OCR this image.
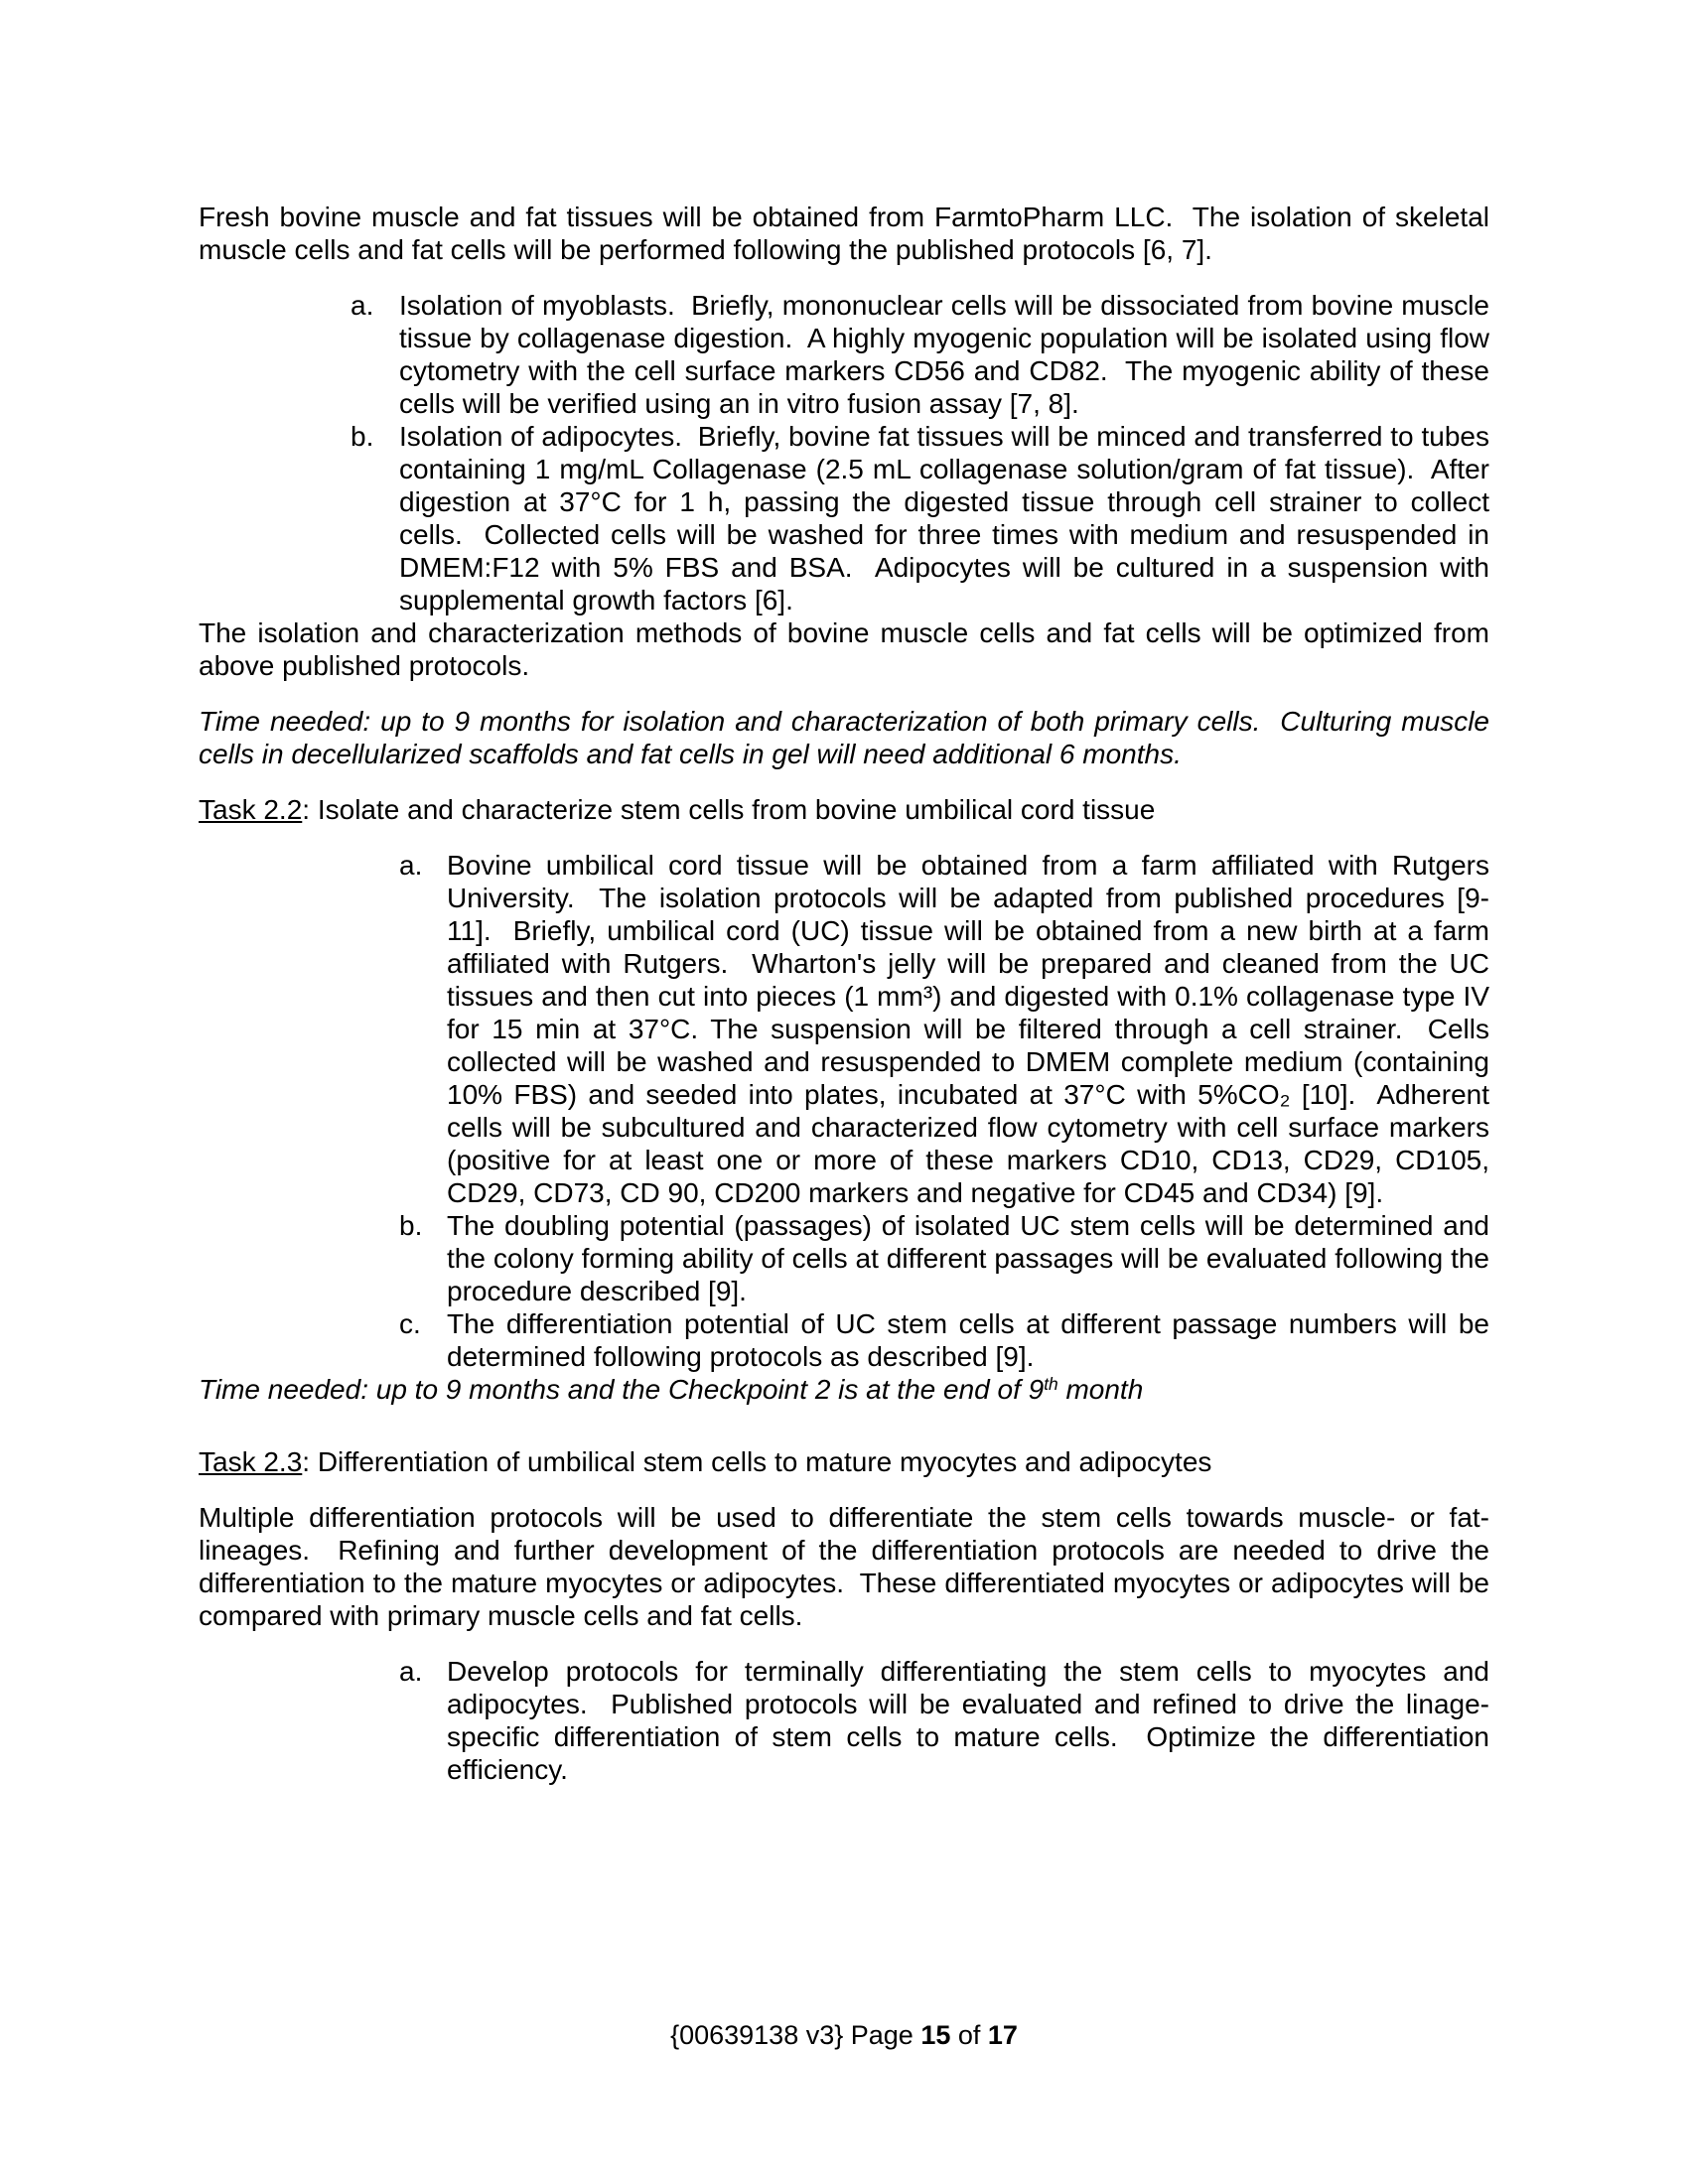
Fresh bovine muscle and fat tissues will be obtained from FarmtoPharm LLC.  The isolation of skeletal muscle cells and fat cells will be performed following the published protocols [6, 7].

a. Isolation of myoblasts.  Briefly, mononuclear cells will be dissociated from bovine muscle tissue by collagenase digestion.  A highly myogenic population will be isolated using flow cytometry with the cell surface markers CD56 and CD82.  The myogenic ability of these cells will be verified using an in vitro fusion assay [7, 8].
b. Isolation of adipocytes.  Briefly, bovine fat tissues will be minced and transferred to tubes containing 1 mg/mL Collagenase (2.5 mL collagenase solution/gram of fat tissue).  After digestion at 37°C for 1 h, passing the digested tissue through cell strainer to collect cells.  Collected cells will be washed for three times with medium and resuspended in DMEM:F12 with 5% FBS and BSA.  Adipocytes will be cultured in a suspension with supplemental growth factors [6].

The isolation and characterization methods of bovine muscle cells and fat cells will be optimized from above published protocols.

Time needed: up to 9 months for isolation and characterization of both primary cells.  Culturing muscle cells in decellularized scaffolds and fat cells in gel will need additional 6 months.

Task 2.2: Isolate and characterize stem cells from bovine umbilical cord tissue

a. Bovine umbilical cord tissue will be obtained from a farm affiliated with Rutgers University.  The isolation protocols will be adapted from published procedures [9-11].  Briefly, umbilical cord (UC) tissue will be obtained from a new birth at a farm affiliated with Rutgers.  Wharton's jelly will be prepared and cleaned from the UC tissues and then cut into pieces (1 mm³) and digested with 0.1% collagenase type IV for 15 min at 37°C. The suspension will be filtered through a cell strainer.  Cells collected will be washed and resuspended to DMEM complete medium (containing 10% FBS) and seeded into plates, incubated at 37°C with 5%CO₂ [10].  Adherent cells will be subcultured and characterized flow cytometry with cell surface markers (positive for at least one or more of these markers CD10, CD13, CD29, CD105, CD29, CD73, CD 90, CD200 markers and negative for CD45 and CD34) [9].
b. The doubling potential (passages) of isolated UC stem cells will be determined and the colony forming ability of cells at different passages will be evaluated following the procedure described [9].
c. The differentiation potential of UC stem cells at different passage numbers will be determined following protocols as described [9].

Time needed: up to 9 months and the Checkpoint 2 is at the end of 9th month

Task 2.3: Differentiation of umbilical stem cells to mature myocytes and adipocytes

Multiple differentiation protocols will be used to differentiate the stem cells towards muscle- or fat-lineages.  Refining and further development of the differentiation protocols are needed to drive the differentiation to the mature myocytes or adipocytes.  These differentiated myocytes or adipocytes will be compared with primary muscle cells and fat cells.

a. Develop protocols for terminally differentiating the stem cells to myocytes and adipocytes.  Published protocols will be evaluated and refined to drive the linage-specific differentiation of stem cells to mature cells.  Optimize the differentiation efficiency.
{00639138 v3} Page 15 of 17
